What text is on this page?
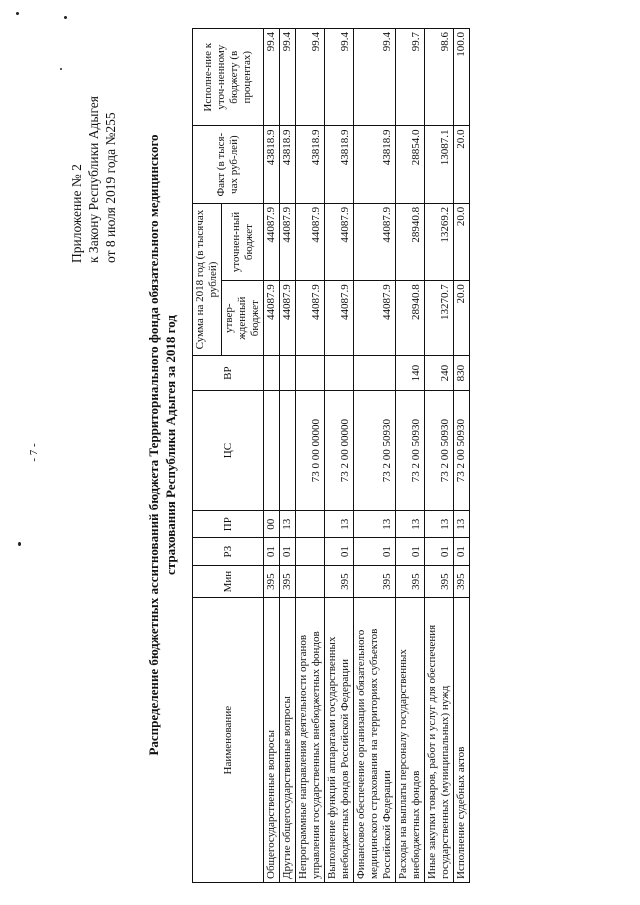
- 7 -
Приложение № 2 к Закону Республики Адыгея от 8 июля 2019 года №255 Распределение бюджетных ассигнований бюджета Территориального фонда обязательного медицинского страхования Республики Адыгея за 2018 год
Наименование	Мин	РЗ	ПР	ЦС	ВР	Сумма на 2018 год (в тысячах рублей)		Факт (в тыся-чах руб-лей)	Исполне-ние к уточ-ненному бюджету (в процентах)
						утвер-жденный бюджет	уточнен-ный бюджет		
Общегосударственные вопросы	395	01	00			44087.9	44087.9	43818.9	99.4
Другие общегосударственные вопросы	395	01	13			44087.9	44087.9	43818.9	99.4
Непрограммные направления деятельности органов управления государственных внебюджетных фондов				73 0 00 00000		44087.9	44087.9	43818.9	99.4
Выполнение функций аппаратами государственных внебюджетных фондов Российской Федерации	395	01	13	73 2 00 00000		44087.9	44087.9	43818.9	99.4
Финансовое обеспечение организации обязательного медицинского страхования на территориях субъектов Российской Федерации	395	01	13	73 2 00 50930		44087.9	44087.9	43818.9	99.4
Расходы на выплаты персоналу государственных внебюджетных фондов	395	01	13	73 2 00 50930	140	28940.8	28940.8	28854.0	99.7
Иные закупки товаров, работ и услуг для обеспечения государственных (муниципальных) нужд	395	01	13	73 2 00 50930	240	13270.7	13269.2	13087.1	98.6
Исполнение судебных актов	395	01	13	73 2 00 50930	830	20.0	20.0	20.0	100.0
